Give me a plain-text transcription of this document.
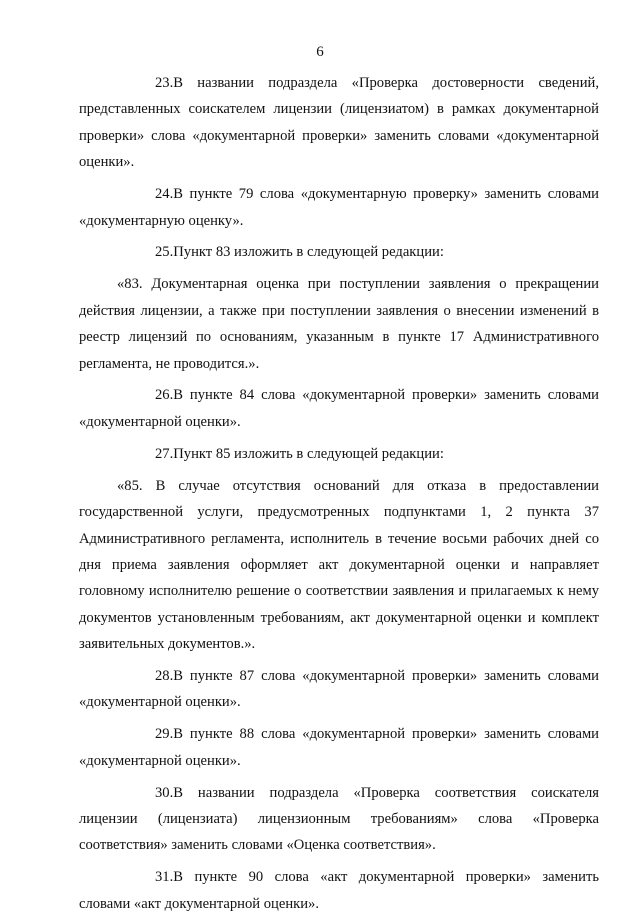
6

23.В названии подраздела «Проверка достоверности сведений, представленных соискателем лицензии (лицензиатом) в рамках документарной проверки» слова «документарной проверки» заменить словами «документарной оценки».

24.В пункте 79 слова «документарную проверку» заменить словами «документарную оценку».

25.Пункт 83 изложить в следующей редакции:

«83. Документарная оценка при поступлении заявления о прекращении действия лицензии, а также при поступлении заявления о внесении изменений в реестр лицензий по основаниям, указанным в пункте 17 Административного регламента, не проводится.».

26.В пункте 84 слова «документарной проверки» заменить словами «документарной оценки».

27.Пункт 85 изложить в следующей редакции:

«85. В случае отсутствия оснований для отказа в предоставлении государственной услуги, предусмотренных подпунктами 1, 2 пункта 37 Административного регламента, исполнитель в течение восьми рабочих дней со дня приема заявления оформляет акт документарной оценки и направляет головному исполнителю решение о соответствии заявления и прилагаемых к нему документов установленным требованиям, акт документарной оценки и комплект заявительных документов.».

28.В пункте 87 слова «документарной проверки» заменить словами «документарной оценки».

29.В пункте 88 слова «документарной проверки» заменить словами «документарной оценки».

30.В названии подраздела «Проверка соответствия соискателя лицензии (лицензиата) лицензионным требованиям» слова «Проверка соответствия» заменить словами «Оценка соответствия».

31.В пункте 90 слова «акт документарной проверки» заменить словами «акт документарной оценки».
